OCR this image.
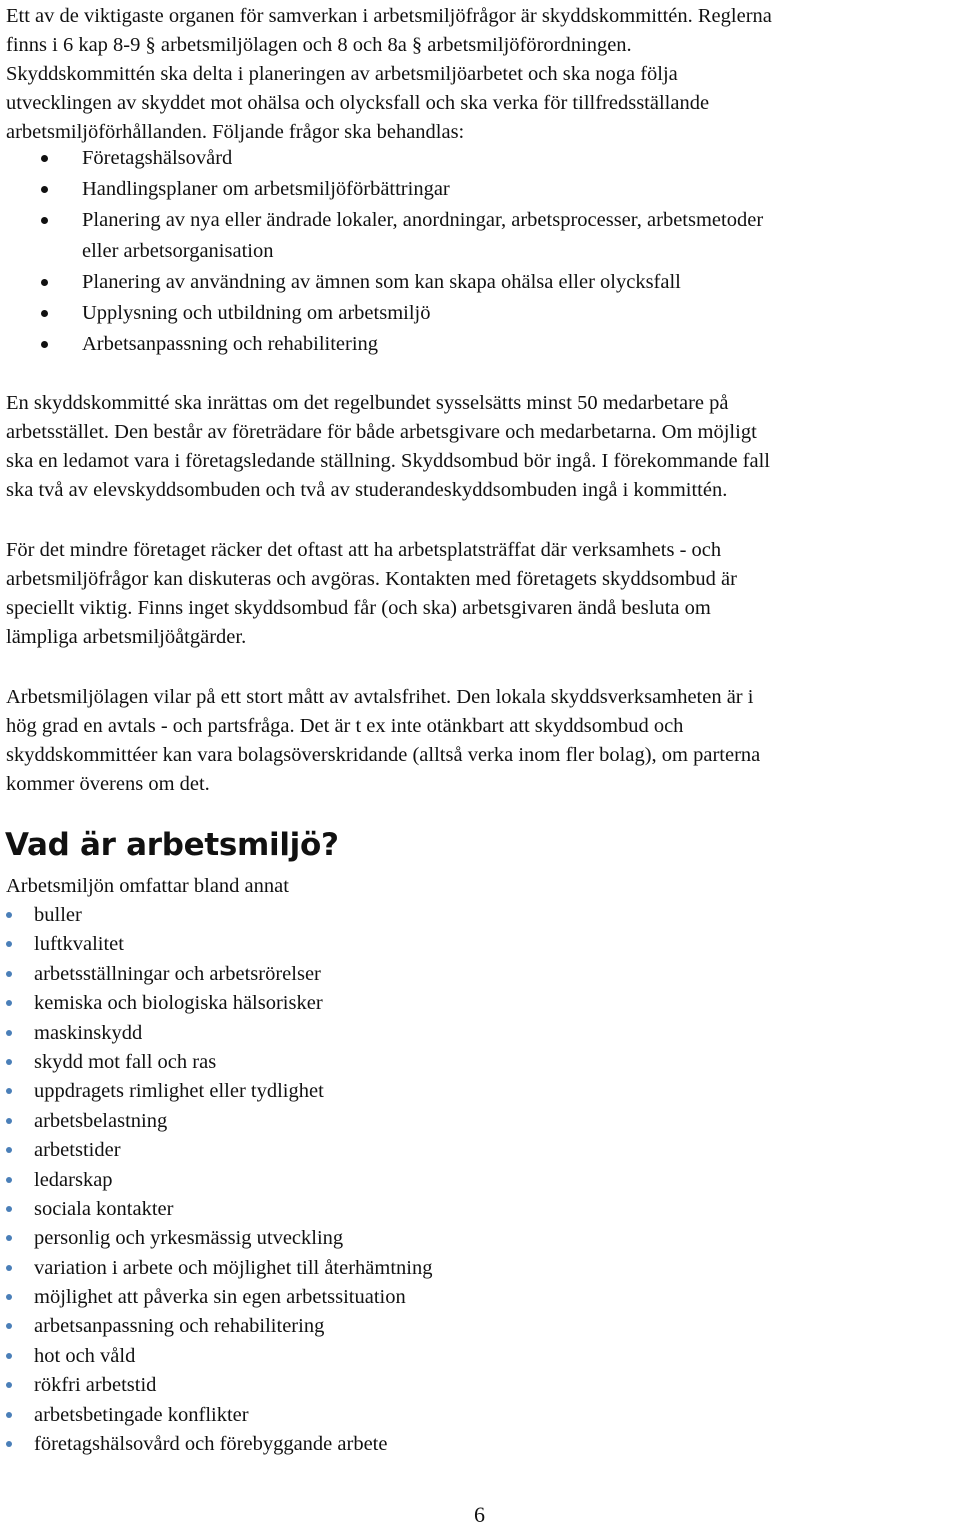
Ett av de viktigaste organen för samverkan i arbetsmiljöfrågor är skyddskommittén. Reglerna
finns i 6 kap 8-9 § arbetsmiljölagen och 8 och 8a § arbetsmiljöförordningen.
Skyddskommittén ska delta i planeringen av arbetsmiljöarbetet och ska noga följa
utvecklingen av skyddet mot ohälsa och olycksfall och ska verka för tillfredsställande
arbetsmiljöförhållanden. Följande frågor ska behandlas:
Företagshälsovård
Handlingsplaner om arbetsmiljöförbättringar
Planering av nya eller ändrade lokaler, anordningar, arbetsprocesser, arbetsmetoder
eller arbetsorganisation
Planering av användning av ämnen som kan skapa ohälsa eller olycksfall
Upplysning och utbildning om arbetsmiljö
Arbetsanpassning och rehabilitering
En skyddskommitté ska inrättas om det regelbundet sysselsätts minst 50 medarbetare på
arbetsstället. Den består av företrädare för både arbetsgivare och medarbetarna. Om möjligt
ska en ledamot vara i företagsledande ställning. Skyddsombud bör ingå. I förekommande fall
ska två av elevskyddsombuden och två av studerandeskyddsombuden ingå i kommittén.
För det mindre företaget räcker det oftast att ha arbetsplatsträffat där verksamhets - och
arbetsmiljöfrågor kan diskuteras och avgöras. Kontakten med företagets skyddsombud är
speciellt viktig. Finns inget skyddsombud får (och ska) arbetsgivaren ändå besluta om
lämpliga arbetsmiljöåtgärder.
Arbetsmiljölagen vilar på ett stort mått av avtalsfrihet. Den lokala skyddsverksamheten är i
hög grad en avtals - och partsfråga. Det är t ex inte otänkbart att skyddsombud och
skyddskommittéer kan vara bolagsöverskridande (alltså verka inom fler bolag), om parterna
kommer överens om det.
Vad är arbetsmiljö?

Arbetsmiljön omfattar bland annat

buller
luftkvalitet
arbetsställningar och arbetsrörelser
kemiska och biologiska hälsorisker
maskinskydd
skydd mot fall och ras
uppdragets rimlighet eller tydlighet
arbetsbelastning
arbetstider
ledarskap
sociala kontakter
personlig och yrkesmässig utveckling
variation i arbete och möjlighet till återhämtning
möjlighet att påverka sin egen arbetssituation
arbetsanpassning och rehabilitering
hot och våld
rökfri arbetstid
arbetsbetingade konflikter
företagshälsovård och förebyggande arbete
6
